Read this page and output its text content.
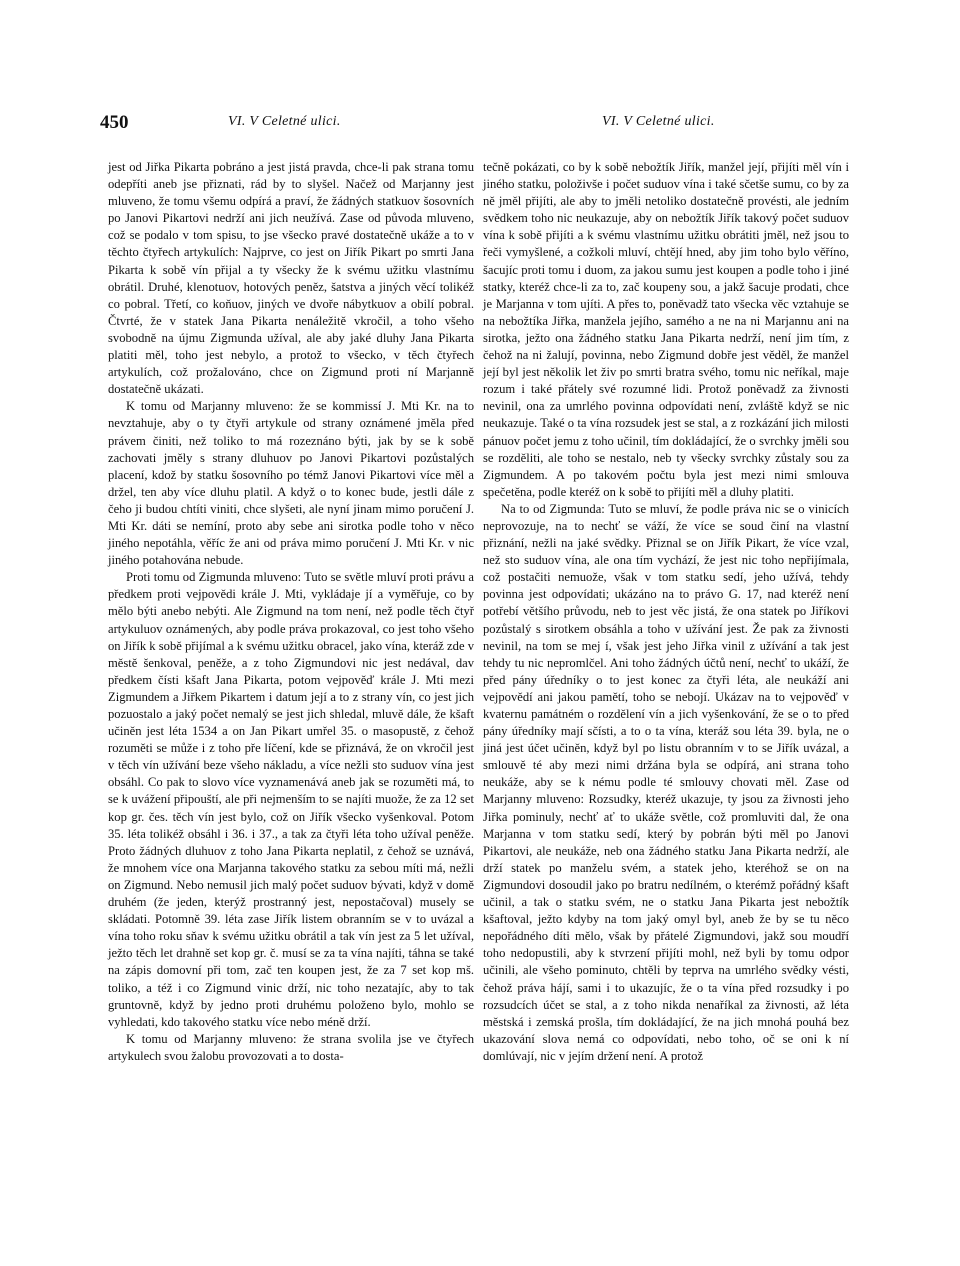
450	VI. V Celetné ulici.	VI. V Celetné ulici.

jest od Jiřka Pikarta pobráno a jest jistá pravda, chce-li pak strana tomu odepříti aneb jse přiznati, rád by to slyšel. Načež od Marjanny jest mluveno, že tomu všemu odpírá a praví, že žádných statkuov šosovních po Janovi Pikartovi nedrží ani jich neužívá. Zase od původa mluveno, což se podalo v tom spisu, to jse všecko pravé dostatečně ukáže a to v těchto čtyřech artykulích: Najprve, co jest on Jiřík Pikart po smrti Jana Pikarta k sobě vín přijal a ty všecky že k svému užitku vlastnímu obrátil. Druhé, klenotuov, hotových peněz, šatstva a jiných věcí tolikéž co pobral. Třetí, co koňuov, jiných ve dvoře nábytkuov a obilí pobral. Čtvrté, že v statek Jana Pikarta nenáležitě vkročil, a toho všeho svobodně na újmu Zigmunda užíval, ale aby jaké dluhy Jana Pikarta platiti měl, toho jest nebylo, a protož to všecko, v těch čtyřech artykulích, což prožalováno, chce on Zigmund proti ní Marjanně dostatečně ukázati.

K tomu od Marjanny mluveno: že se kommissí J. Mti Kr. na to nevztahuje, aby o ty čtyři artykule od strany oznámené jměla před právem činiti, než toliko to má rozeznáno býti, jak by se k sobě zachovati jměly s strany dluhuov po Janovi Pikartovi pozůstalých placení, kdož by statku šosovního po témž Janovi Pikartovi více měl a držel, ten aby více dluhu platil. A když o to konec bude, jestli dále z čeho ji budou chtíti viniti, chce slyšeti, ale nyní jinam mimo poručení J. Mti Kr. dáti se nemíní, proto aby sebe ani sirotka podle toho v něco jiného nepotáhla, věříc že ani od práva mimo poručení J. Mti Kr. v nic jiného potahována nebude.

Proti tomu od Zigmunda mluveno: Tuto se světle mluví proti právu a předkem proti vejpovědi krále J. Mti, vykládaje jí a vyměřuje, co by mělo býti anebo nebýti. Ale Zigmund na tom není, než podle těch čtyř artykuluov oznámených, aby podle práva prokazoval, co jest toho všeho on Jiřík k sobě přijímal a k svému užitku obracel, jako vína, kteráž zde v městě šenkoval, peněže, a z toho Zigmundovi nic jest nedával, dav předkem čísti kšaft Jana Pikarta, potom vejpověď krále J. Mti mezi Zigmundem a Jiřkem Pikartem i datum její a to z strany vín, co jest jich pozuostalo a jaký počet nemalý se jest jich shledal, mluvě dále, že kšaft učiněn jest léta 1534 a on Jan Pikart umřel 35. o masopustě, z čehož rozuměti se může i z toho pře líčení, kde se přiznává, že on vkročil jest v těch vín užívání beze všeho nákladu, a více nežli sto suduov vína jest obsáhl. Co pak to slovo více vyznamenává aneb jak se rozuměti má, to se k uvážení připouští, ale při nejmenším to se najíti muože, že za 12 set kop gr. čes. těch vín jest bylo, což on Jiřík všecko vyšenkoval. Potom 35. léta tolikéž obsáhl i 36. i 37., a tak za čtyři léta toho užíval peněže. Proto žádných dluhuov z toho Jana Pikarta neplatil, z čehož se uznává, že mnohem více ona Marjanna takového statku za sebou míti má, nežli on Zigmund. Nebo nemusil jich malý počet suduov bývati, když v domě druhém (že jeden, kterýž prostranný jest, nepostačoval) musely se skládati. Potomně 39. léta zase Jiřík listem obranním se v to uvázal a vína toho roku sňav k svému užitku obrátil a tak vín jest za 5 let užíval, ježto těch let drahně set kop gr. č. musí se za ta vína najíti, táhna se také na zápis domovní při tom, zač ten koupen jest, že za 7 set kop mš. toliko, a též i co Zigmund vinic drží, nic toho nezatajíc, aby to tak gruntovně, když by jedno proti druhému položeno bylo, mohlo se vyhledati, kdo takového statku více nebo méně drží.

K tomu od Marjanny mluveno: že strana svolila jse ve čtyřech artykulech svou žalobu provozovati a to dosta-

tečně pokázati, co by k sobě nebožtík Jiřík, manžel její, přijíti měl vín i jiného statku, položivše i počet suduov vína i také sčetše sumu, co by za ně jměl přijíti, ale aby to jměli netoliko dostatečně provésti, ale jedním svědkem toho nic neukazuje, aby on nebožtík Jiřík takový počet suduov vína k sobě přijíti a k svému vlastnímu užitku obrátiti jměl, než jsou to řeči vymyšlené, a cožkoli mluví, chtějí hned, aby jim toho bylo věříno, šacujíc proti tomu i duom, za jakou sumu jest koupen a podle toho i jiné statky, kteréž chce-li za to, zač koupeny sou, a jakž šacuje prodati, chce je Marjanna v tom ujíti. A přes to, poněvadž tato všecka věc vztahuje se na nebožtíka Jiřka, manžela jejího, samého a ne na ni Marjannu ani na sirotka, ježto ona žádného statku Jana Pikarta nedrží, není jim tím, z čehož na ni žalují, povinna, nebo Zigmund dobře jest věděl, že manžel její byl jest několik let živ po smrti bratra svého, tomu nic neříkal, maje rozum i také přátely své rozumné lidi. Protož poněvadž za živnosti nevinil, ona za umrlého povinna odpovídati není, zvláště když se nic neukazuje. Také o ta vína rozsudek jest se stal, a z rozkázání jich milosti pánuov počet jemu z toho učinil, tím dokládající, že o svrchky jměli sou se rozděliti, ale toho se nestalo, neb ty všecky svrchky zůstaly sou za Zigmundem. A po takovém počtu byla jest mezi nimi smlouva spečetěna, podle kteréž on k sobě to přijíti měl a dluhy platiti.

Na to od Zigmunda: Tuto se mluví, že podle práva nic se o vinicích neprovozuje, na to nechť se váží, že více se soud činí na vlastní přiznání, nežli na jaké svědky. Přiznal se on Jiřík Pikart, že více vzal, než sto suduov vína, ale ona tím vychází, že jest nic toho nepřijímala, což postačiti nemuože, však v tom statku sedí, jeho užívá, tehdy povinna jest odpovídati; ukázáno na to právo G. 17, nad kteréž není potřebí většího průvodu, neb to jest věc jistá, že ona statek po Jiříkovi pozůstalý s sirotkem obsáhla a toho v užívání jest. Že pak za živnosti nevinil, na tom se mej í, však jest jeho Jiřka vinil z užívání a tak jest tehdy tu nic nepromlčel. Ani toho žádných účtů není, nechť to ukáží, že před pány úředníky o to jest konec za čtyři léta, ale neukáží ani vejpovědí ani jakou pamětí, toho se nebojí. Ukázav na to vejpověď v kvaternu památném o rozdělení vín a jich vyšenkování, že se o to před pány úředníky mají sčísti, a to o ta vína, kteráž sou léta 39. byla, ne o jiná jest účet učiněn, když byl po listu obranním v to se Jiřík uvázal, a smlouvě té aby mezi nimi držána byla se odpírá, ani strana toho neukáže, aby se k nému podle té smlouvy chovati měl. Zase od Marjanny mluveno: Rozsudky, kteréž ukazuje, ty jsou za živnosti jeho Jiřka pominuly, nechť ať to ukáže světle, což promluviti dal, že ona Marjanna v tom statku sedí, který by pobrán býti měl po Janovi Pikartovi, ale neukáže, neb ona žádného statku Jana Pikarta nedrží, ale drží statek po manželu svém, a statek jeho, kteréhož se on na Zigmundovi dosoudil jako po bratru nedílném, o kterémž pořádný kšaft učinil, a tak o statku svém, ne o statku Jana Pikarta jest nebožtík kšaftoval, ježto kdyby na tom jaký omyl byl, aneb že by se tu něco nepořádného díti mělo, však by přátelé Zigmundovi, jakž sou moudří toho nedopustili, aby k stvrzení přijíti mohl, než byli by tomu odpor učinili, ale všeho pominuto, chtěli by teprva na umrlého svědky vésti, čehož práva hájí, sami i to ukazujíc, že o ta vína před rozsudky i po rozsudcích účet se stal, a z toho nikda nenaříkal za živnosti, až léta městská i zemská prošla, tím dokládající, že na jich mnohá pouhá bez ukazování slova nemá co odpovídati, nebo toho, oč se oni k ní domlúvají, nic v jejím držení není. A protož
